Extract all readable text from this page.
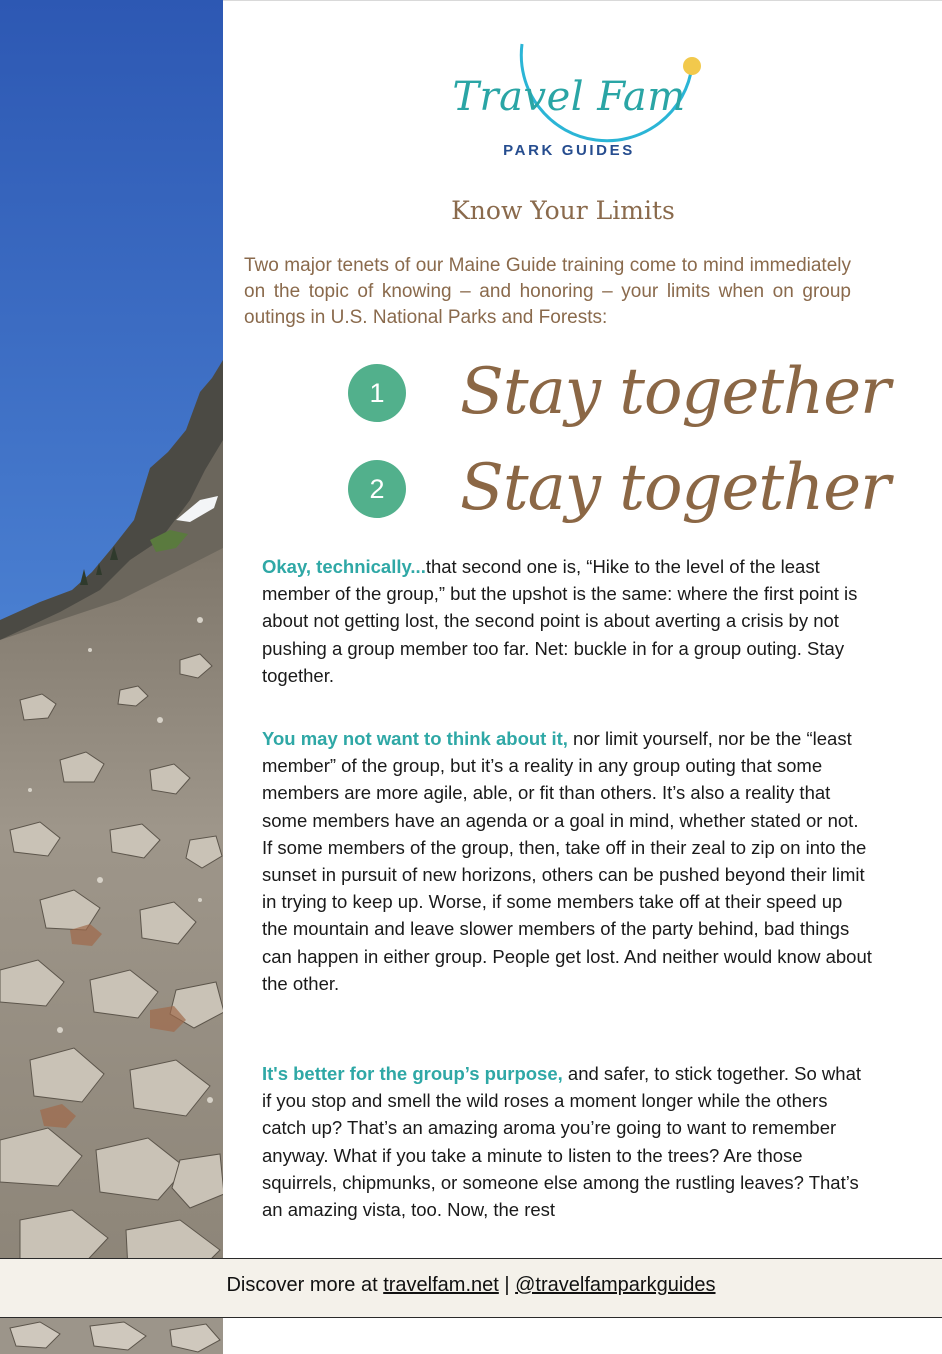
Travel Fam
PARK GUIDES
Know Your Limits

Two major tenets of our Maine Guide training come to mind immediately on the topic of knowing – and honoring – your limits when on group outings in U.S. National Parks and Forests:

1	Stay together
2	Stay together

Okay, technically...that second one is, “Hike to the level of the least member of the group,” but the upshot is the same: where the first point is about not getting lost, the second point is about averting a crisis by not pushing a group member too far. Net: buckle in for a group outing. Stay together.

You may not want to think about it, nor limit yourself, nor be the “least member” of the group, but it’s a reality in any group outing that some members are more agile, able, or fit than others. It’s also a reality that some members have an agenda or a goal in mind, whether stated or not. If some members of the group, then, take off in their zeal to zip on into the sunset in pursuit of new horizons, others can be pushed beyond their limit in trying to keep up. Worse, if some members take off at their speed up the mountain and leave slower members of the party behind, bad things can happen in either group. People get lost. And neither would know about the other.

It's better for the group’s purpose, and safer, to stick together. So what if you stop and smell the wild roses a moment longer while the others catch up? That’s an amazing aroma you’re going to want to remember anyway. What if you take a minute to listen to the trees? Are those squirrels, chipmunks, or someone else among the rustling leaves? That’s an amazing vista, too. Now, the rest

Discover more at travelfam.net | @travelfamparkguides
